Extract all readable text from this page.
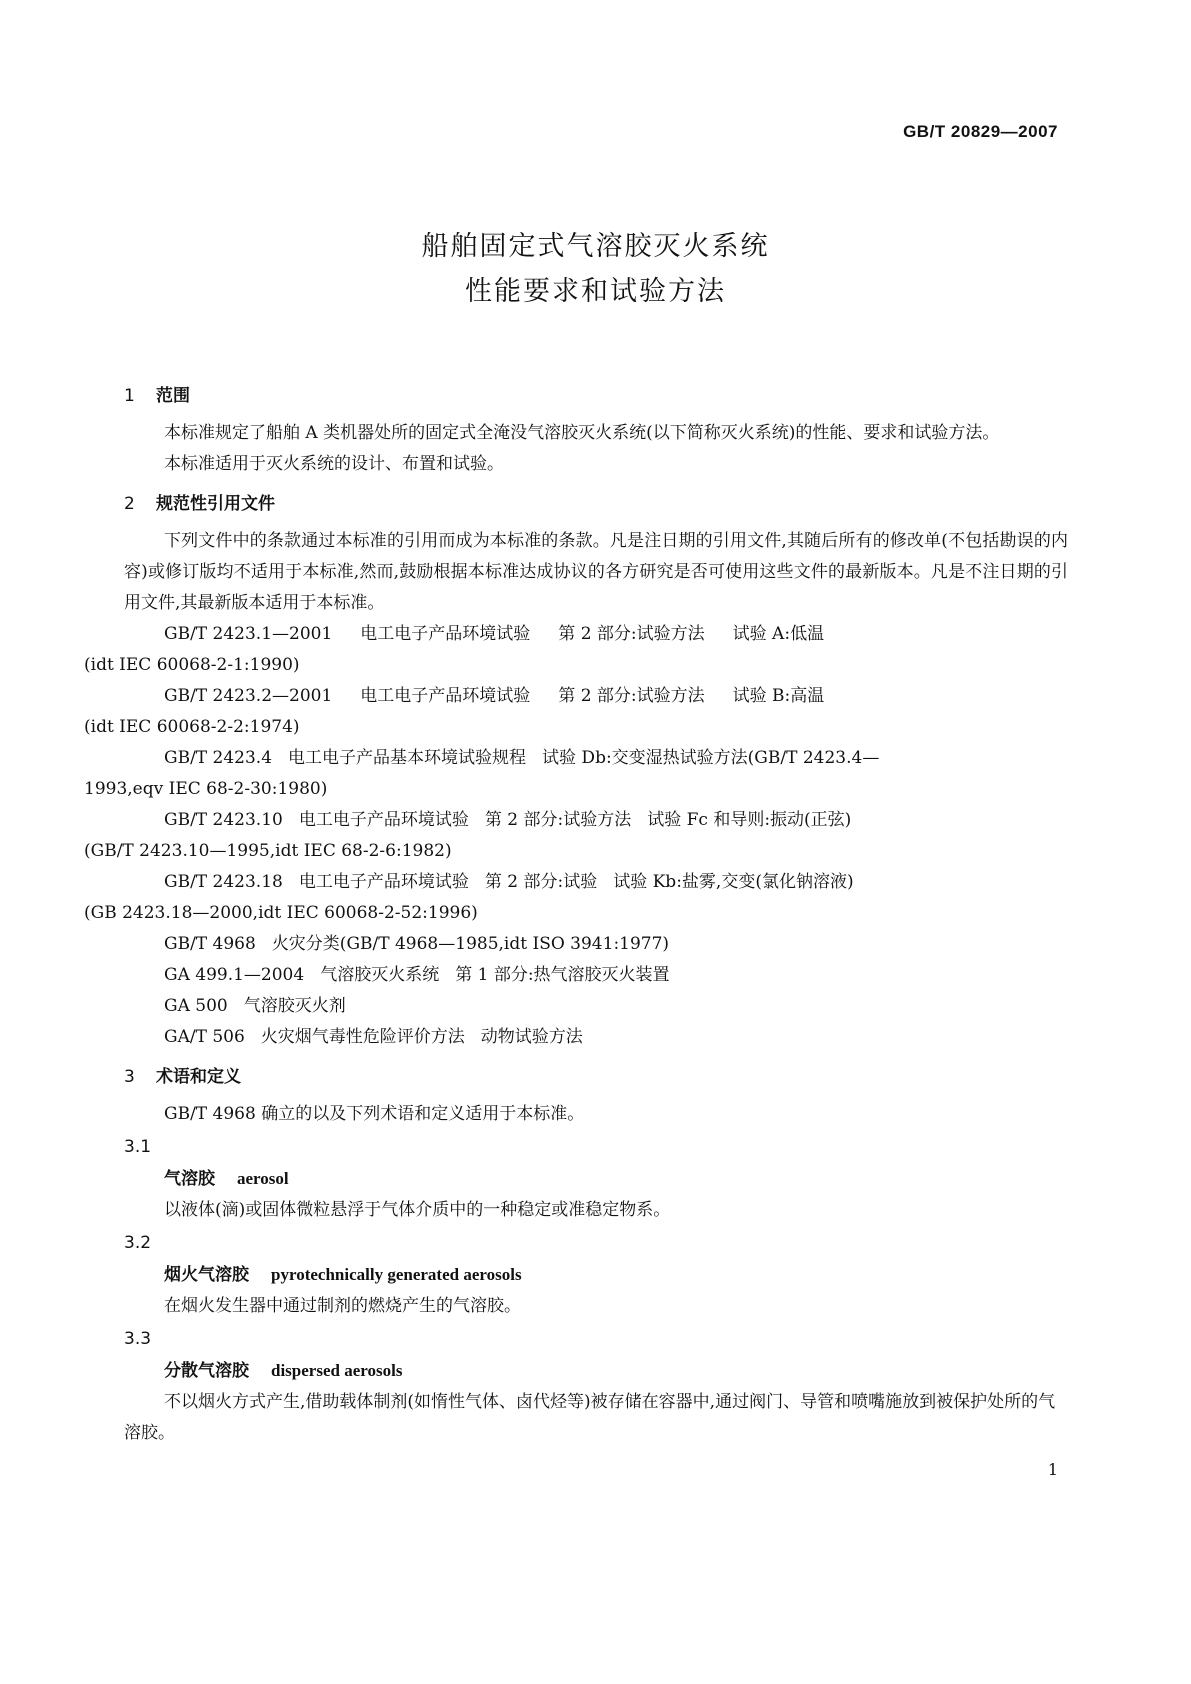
GB/T 20829—2007
船舶固定式气溶胶灭火系统
性能要求和试验方法
1 范围

本标准规定了船舶 A 类机器处所的固定式全淹没气溶胶灭火系统(以下简称灭火系统)的性能、要求和试验方法。

本标准适用于灭火系统的设计、布置和试验。

2 规范性引用文件

下列文件中的条款通过本标准的引用而成为本标准的条款。凡是注日期的引用文件,其随后所有的修改单(不包括勘误的内容)或修订版均不适用于本标准,然而,鼓励根据本标准达成协议的各方研究是否可使用这些文件的最新版本。凡是不注日期的引用文件,其最新版本适用于本标准。

GB/T 2423.1—2001 电工电子产品环境试验 第 2 部分:试验方法 试验 A:低温
(idt IEC 60068-2-1:1990)

GB/T 2423.2—2001 电工电子产品环境试验 第 2 部分:试验方法 试验 B:高温
(idt IEC 60068-2-2:1974)

GB/T 2423.4 电工电子产品基本环境试验规程 试验 Db:交变湿热试验方法(GB/T 2423.4—
1993,eqv IEC 68-2-30:1980)

GB/T 2423.10 电工电子产品环境试验 第 2 部分:试验方法 试验 Fc 和导则:振动(正弦)
(GB/T 2423.10—1995,idt IEC 68-2-6:1982)

GB/T 2423.18 电工电子产品环境试验 第 2 部分:试验 试验 Kb:盐雾,交变(氯化钠溶液)
(GB 2423.18—2000,idt IEC 60068-2-52:1996)

GB/T 4968 火灾分类(GB/T 4968—1985,idt ISO 3941:1977)

GA 499.1—2004 气溶胶灭火系统 第 1 部分:热气溶胶灭火装置

GA 500 气溶胶灭火剂

GA/T 506 火灾烟气毒性危险评价方法 动物试验方法

3 术语和定义

GB/T 4968 确立的以及下列术语和定义适用于本标准。

3.1

气溶胶 aerosol

以液体(滴)或固体微粒悬浮于气体介质中的一种稳定或准稳定物系。

3.2

烟火气溶胶 pyrotechnically generated aerosols

在烟火发生器中通过制剂的燃烧产生的气溶胶。

3.3

分散气溶胶 dispersed aerosols

不以烟火方式产生,借助载体制剂(如惰性气体、卤代烃等)被存储在容器中,通过阀门、导管和喷嘴施放到被保护处所的气溶胶。

1
